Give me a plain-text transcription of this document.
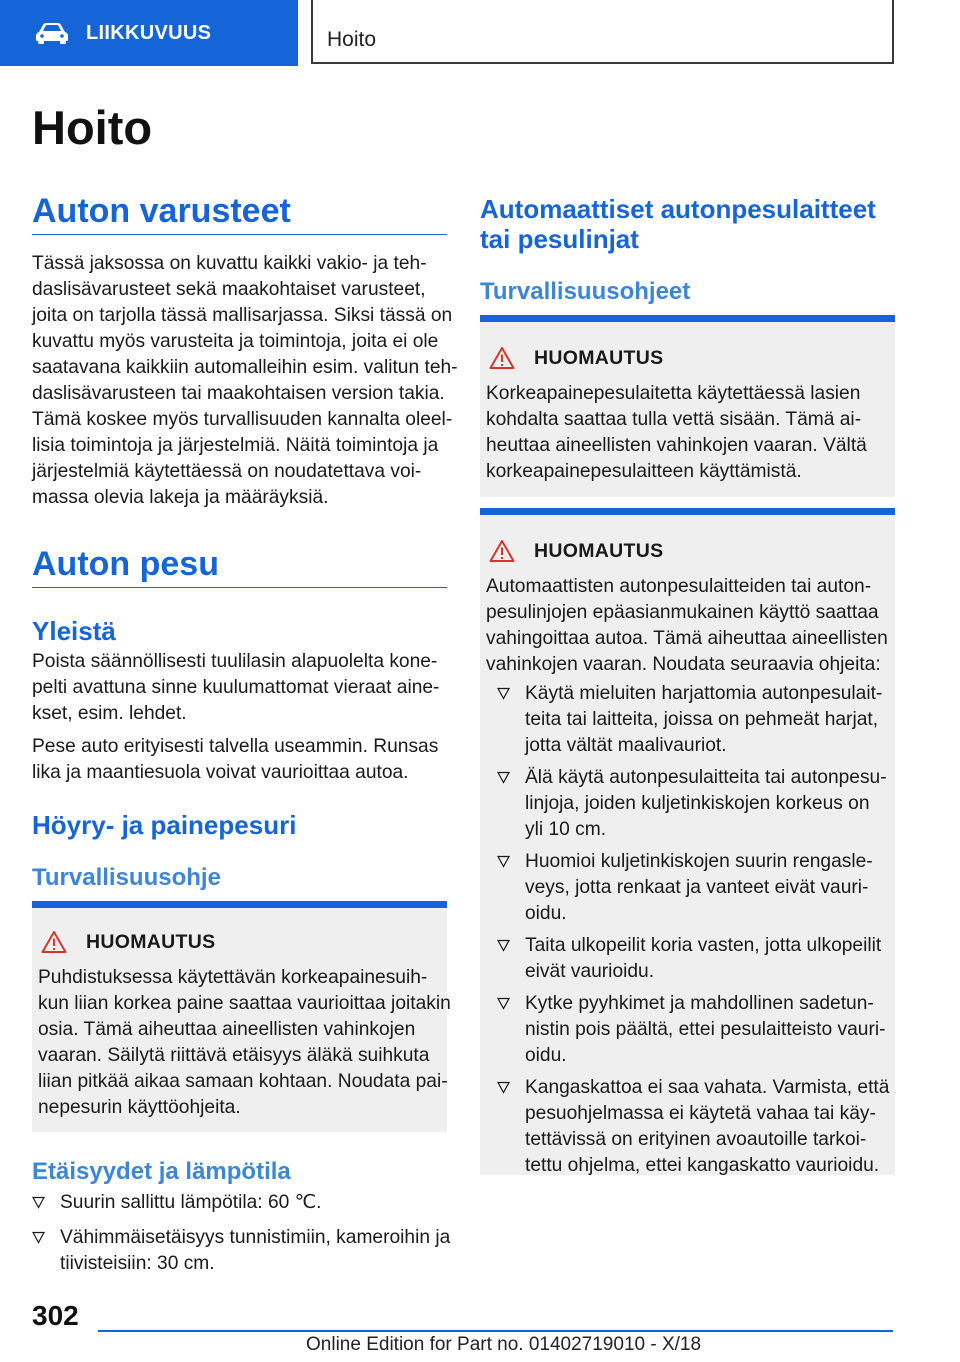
LIIKKUVUUS	Hoito
Hoito
Auton varusteet
Tässä jaksossa on kuvattu kaikki vakio- ja teh-
daslisävarusteet sekä maakohtaiset varusteet,
joita on tarjolla tässä mallisarjassa. Siksi tässä on
kuvattu myös varusteita ja toimintoja, joita ei ole
saatavana kaikkiin automalleihin esim. valitun teh-
daslisävarusteen tai maakohtaisen version takia.
Tämä koskee myös turvallisuuden kannalta oleel-
lisia toimintoja ja järjestelmiä. Näitä toimintoja ja
järjestelmiä käytettäessä on noudatettava voi-
massa olevia lakeja ja määräyksiä.
Auton pesu
Yleistä
Poista säännöllisesti tuulilasin alapuolelta kone-
pelti avattuna sinne kuulumattomat vieraat aine-
kset, esim. lehdet.
Pese auto erityisesti talvella useammin. Runsas
lika ja maantiesuola voivat vaurioittaa autoa.
Höyry- ja painepesuri
Turvallisuusohje
HUOMAUTUS
Puhdistuksessa käytettävän korkeapainesuih-
kun liian korkea paine saattaa vaurioittaa joitakin
osia. Tämä aiheuttaa aineellisten vahinkojen
vaaran. Säilytä riittävä etäisyys äläkä suihkuta
liian pitkää aikaa samaan kohtaan. Noudata pai-
nepesurin käyttöohjeita.
Etäisyydet ja lämpötila
Suurin sallittu lämpötila: 60 ℃.
Vähimmäisetäisyys tunnistimiin, kameroihin ja
tiivisteisiin: 30 cm.
Automaattiset autonpesulaitteet
tai pesulinjat
Turvallisuusohjeet
HUOMAUTUS
Korkeapainepesulaitetta käytettäessä lasien
kohdalta saattaa tulla vettä sisään. Tämä ai-
heuttaa aineellisten vahinkojen vaaran. Vältä
korkeapainepesulaitteen käyttämistä.
HUOMAUTUS
Automaattisten autonpesulaitteiden tai auton-
pesulinjojen epäasianmukainen käyttö saattaa
vahingoittaa autoa. Tämä aiheuttaa aineellisten
vahinkojen vaaran. Noudata seuraavia ohjeita:
Käytä mieluiten harjattomia autonpesulait-
teita tai laitteita, joissa on pehmeät harjat,
jotta vältät maalivauriot.
Älä käytä autonpesulaitteita tai autonpesu-
linjoja, joiden kuljetinkiskojen korkeus on
yli 10 cm.
Huomioi kuljetinkiskojen suurin rengasle-
veys, jotta renkaat ja vanteet eivät vauri-
oidu.
Taita ulkopeilit koria vasten, jotta ulkopeilit
eivät vaurioidu.
Kytke pyyhkimet ja mahdollinen sadetun-
nistin pois päältä, ettei pesulaitteisto vauri-
oidu.
Kangaskattoa ei saa vahata. Varmista, että
pesuohjelmassa ei käytetä vahaa tai käy-
tettävissä on erityinen avoautoille tarkoi-
tettu ohjelma, ettei kangaskatto vaurioidu.
302
Online Edition for Part no. 01402719010 - X/18
